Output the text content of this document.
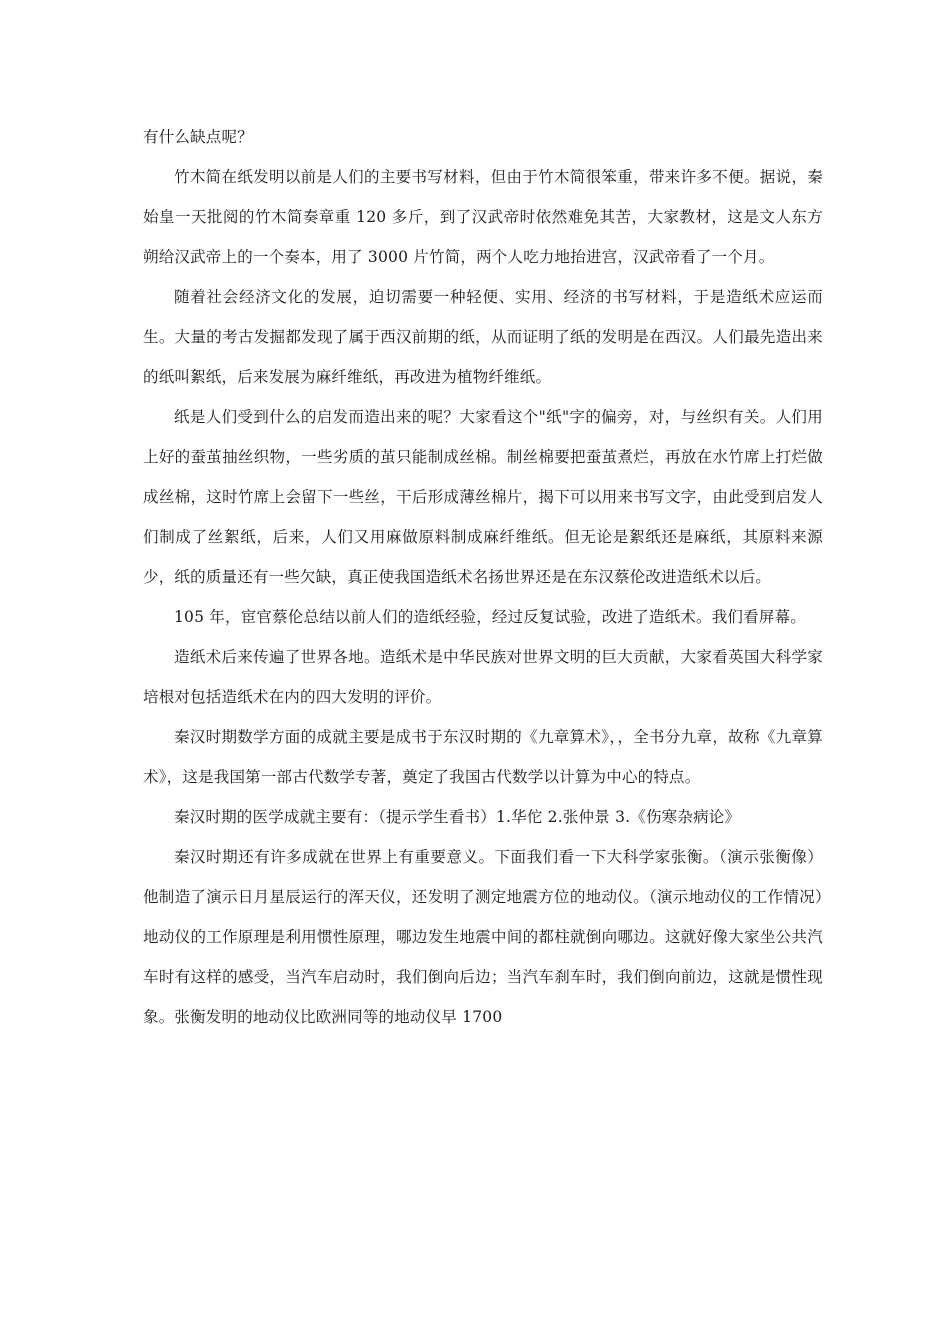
有什么缺点呢？

竹木简在纸发明以前是人们的主要书写材料，但由于竹木简很笨重，带来许多不便。据说，秦始皇一天批阅的竹木简奏章重 120 多斤，到了汉武帝时依然难免其苦，大家教材，这是文人东方朔给汉武帝上的一个奏本，用了 3000 片竹简，两个人吃力地抬进宫，汉武帝看了一个月。

随着社会经济文化的发展，迫切需要一种轻便、实用、经济的书写材料，于是造纸术应运而生。大量的考古发掘都发现了属于西汉前期的纸，从而证明了纸的发明是在西汉。人们最先造出来的纸叫絮纸，后来发展为麻纤维纸，再改进为植物纤维纸。

纸是人们受到什么的启发而造出来的呢？大家看这个"纸"字的偏旁，对，与丝织有关。人们用上好的蚕茧抽丝织物，一些劣质的茧只能制成丝棉。制丝棉要把蚕茧煮烂，再放在水竹席上打烂做成丝棉，这时竹席上会留下一些丝，干后形成薄丝棉片，揭下可以用来书写文字，由此受到启发人们制成了丝絮纸，后来，人们又用麻做原料制成麻纤维纸。但无论是絮纸还是麻纸，其原料来源少，纸的质量还有一些欠缺，真正使我国造纸术名扬世界还是在东汉蔡伦改进造纸术以后。

105 年，宦官蔡伦总结以前人们的造纸经验，经过反复试验，改进了造纸术。我们看屏幕。

造纸术后来传遍了世界各地。造纸术是中华民族对世界文明的巨大贡献，大家看英国大科学家培根对包括造纸术在内的四大发明的评价。

秦汉时期数学方面的成就主要是成书于东汉时期的《九章算术》，，全书分九章，故称《九章算术》，这是我国第一部古代数学专著，奠定了我国古代数学以计算为中心的特点。

秦汉时期的医学成就主要有：（提示学生看书）1.华佗 2.张仲景 3.《伤寒杂病论》

秦汉时期还有许多成就在世界上有重要意义。下面我们看一下大科学家张衡。（演示张衡像）他制造了演示日月星辰运行的浑天仪，还发明了测定地震方位的地动仪。（演示地动仪的工作情况）地动仪的工作原理是利用惯性原理，哪边发生地震中间的都柱就倒向哪边。这就好像大家坐公共汽车时有这样的感受，当汽车启动时，我们倒向后边；当汽车刹车时，我们倒向前边，这就是惯性现象。张衡发明的地动仪比欧洲同等的地动仪早 1700
